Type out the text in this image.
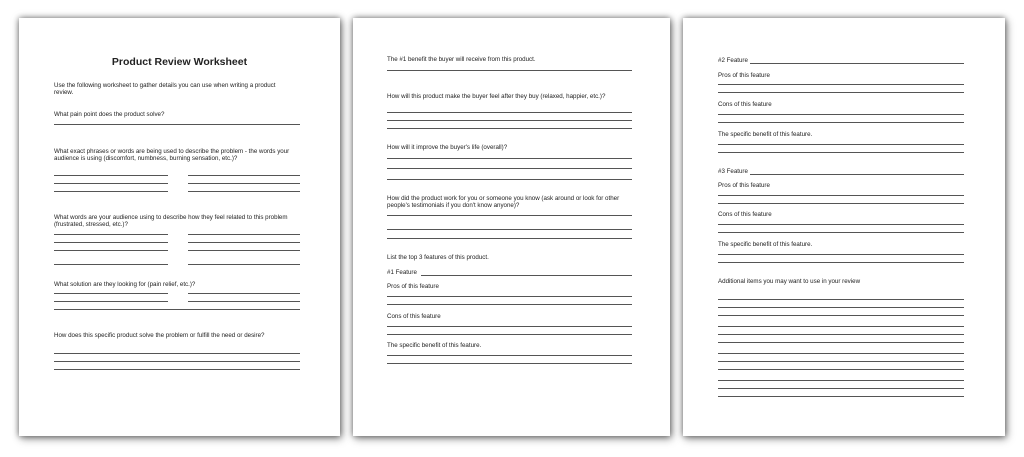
Product Review Worksheet
Use the following worksheet to gather details you can use when writing a product review.
What pain point does the product solve?
What exact phrases or words are being used to describe the problem - the words your audience is using (discomfort, numbness, burning sensation, etc.)?
What words are your audience using to describe how they feel related to this problem (frustrated, stressed, etc.)?
What solution are they looking for (pain relief, etc.)?
How does this specific product solve the problem or fulfill the need or desire?
The #1 benefit the buyer will receive from this product.
How will this product make the buyer feel after they buy (relaxed, happier, etc.)?
How will it improve the buyer's life (overall)?
How did the product work for you or someone you know (ask around or look for other people's testimonials if you don't know anyone)?
List the top 3 features of this product.
#1 Feature
Pros of this feature
Cons of this feature
The specific benefit of this feature.
#2 Feature
Pros of this feature
Cons of this feature
The specific benefit of this feature.
#3 Feature
Pros of this feature
Cons of this feature
The specific benefit of this feature.
Additional items you may want to use in your review
